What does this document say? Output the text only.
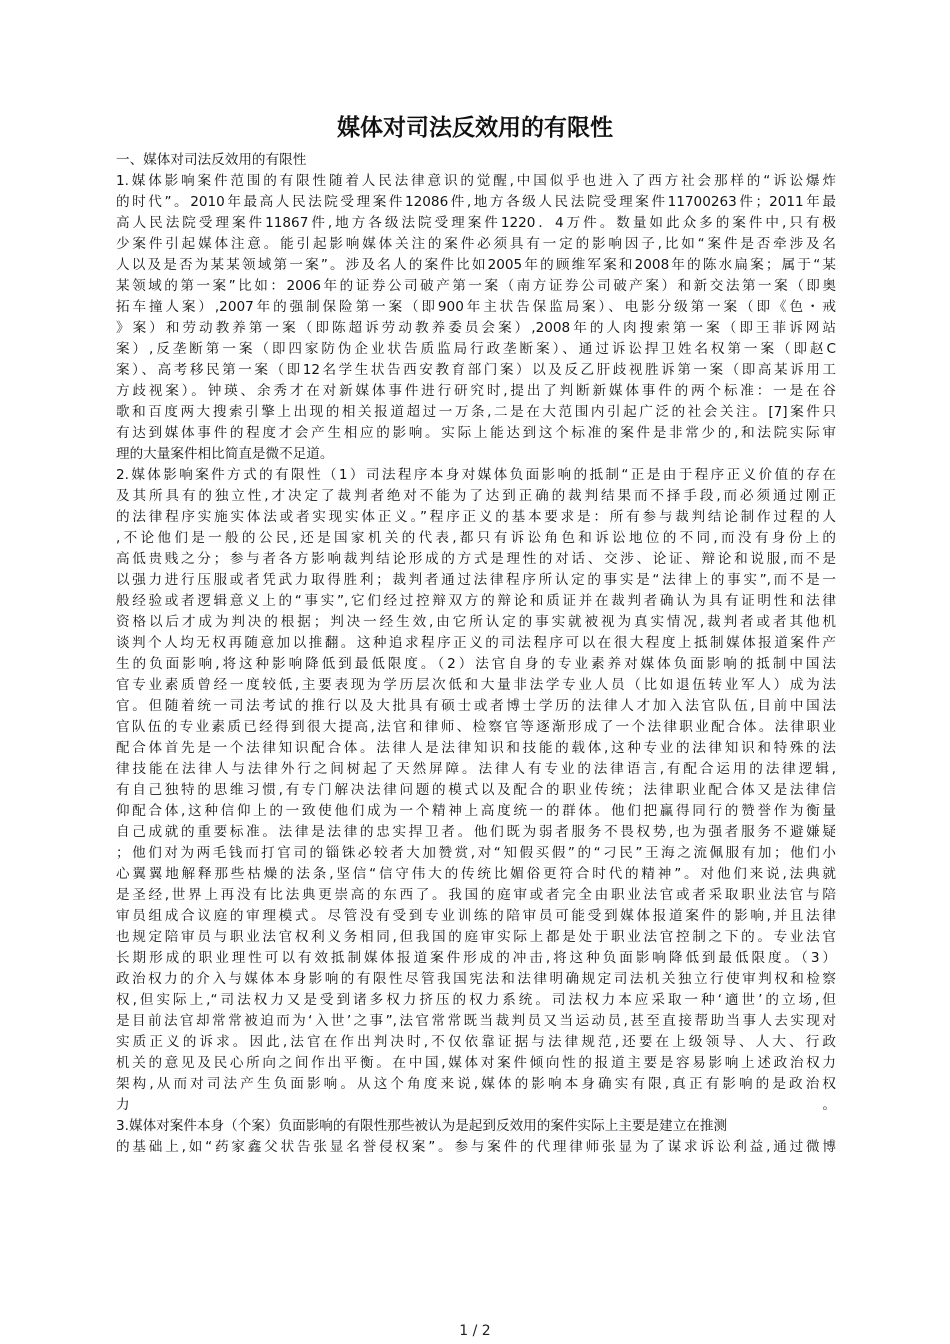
媒体对司法反效用的有限性
一、媒体对司法反效用的有限性
1.媒体影响案件范围的有限性随着人民法律意识的觉醒,中国似乎也进入了西方社会那样的“诉讼爆炸
的时代”。2010年最高人民法院受理案件12086件,地方各级人民法院受理案件11700263件；2011年最
高人民法院受理案件11867件,地方各级法院受理案件1220．4万件。数量如此众多的案件中,只有极
少案件引起媒体注意。能引起影响媒体关注的案件必须具有一定的影响因子,比如“案件是否牵涉及名
人以及是否为某某领域第一案”。涉及名人的案件比如2005年的顾维军案和2008年的陈水扁案；属于“某
某领域的第一案”比如：2006年的证券公司破产第一案（南方证券公司破产案）和新交法第一案（即奥
拓车撞人案）,2007年的强制保险第一案（即900年主状告保监局案）、电影分级第一案（即《色・戒
》案）和劳动教养第一案（即陈超诉劳动教养委员会案）,2008年的人肉搜索第一案（即王菲诉网站
案）,反垄断第一案（即四家防伪企业状告质监局行政垄断案）、通过诉讼捍卫姓名权第一案（即赵C
案）、高考移民第一案（即12名学生状告西安教育部门案）以及反乙肝歧视胜诉第一案（即高某诉用工
方歧视案）。钟瑛、余秀才在对新媒体事件进行研究时,提出了判断新媒体事件的两个标准：一是在谷
歌和百度两大搜索引擎上出现的相关报道超过一万条,二是在大范围内引起广泛的社会关注。[7]案件只
有达到媒体事件的程度才会产生相应的影响。实际上能达到这个标准的案件是非常少的,和法院实际审
理的大量案件相比简直是微不足道。
2.媒体影响案件方式的有限性（1）司法程序本身对媒体负面影响的抵制“正是由于程序正义价值的存在
及其所具有的独立性,才决定了裁判者绝对不能为了达到正确的裁判结果而不择手段,而必须通过刚正
的法律程序实施实体法或者实现实体正义。”程序正义的基本要求是：所有参与裁判结论制作过程的人
,不论他们是一般的公民,还是国家机关的代表,都只有诉讼角色和诉讼地位的不同,而没有身份上的
高低贵贱之分；参与者各方影响裁判结论形成的方式是理性的对话、交涉、论证、辩论和说服,而不是
以强力进行压服或者凭武力取得胜利；裁判者通过法律程序所认定的事实是“法律上的事实”,而不是一
般经验或者逻辑意义上的“事实”,它们经过控辩双方的辩论和质证并在裁判者确认为具有证明性和法律
资格以后才成为判决的根据；判决一经生效,由它所认定的事实就被视为真实情况,裁判者或者其他机
谈判个人均无权再随意加以推翻。这种追求程序正义的司法程序可以在很大程度上抵制媒体报道案件产
生的负面影响,将这种影响降低到最低限度。（2）法官自身的专业素养对媒体负面影响的抵制中国法
官专业素质曾经一度较低,主要表现为学历层次低和大量非法学专业人员（比如退伍转业军人）成为法
官。但随着统一司法考试的推行以及大批具有硕士或者博士学历的法律人才加入法官队伍,目前中国法
官队伍的专业素质已经得到很大提高,法官和律师、检察官等逐渐形成了一个法律职业配合体。法律职业
配合体首先是一个法律知识配合体。法律人是法律知识和技能的载体,这种专业的法律知识和特殊的法
律技能在法律人与法律外行之间树起了天然屏障。法律人有专业的法律语言,有配合运用的法律逻辑,
有自己独特的思维习惯,有专门解决法律问题的模式以及配合的职业传统；法律职业配合体又是法律信
仰配合体,这种信仰上的一致使他们成为一个精神上高度统一的群体。他们把赢得同行的赞誉作为衡量
自己成就的重要标准。法律是法律的忠实捍卫者。他们既为弱者服务不畏权势,也为强者服务不避嫌疑
；他们对为两毛钱而打官司的锱铢必较者大加赞赏,对“知假买假”的“刁民”王海之流佩服有加；他们小
心翼翼地解释那些枯燥的法条,坚信“信守伟大的传统比媚俗更符合时代的精神”。对他们来说,法典就
是圣经,世界上再没有比法典更崇高的东西了。我国的庭审或者完全由职业法官或者采取职业法官与陪
审员组成合议庭的审理模式。尽管没有受到专业训练的陪审员可能受到媒体报道案件的影响,并且法律
也规定陪审员与职业法官权利义务相同,但我国的庭审实际上都是处于职业法官控制之下的。专业法官
长期形成的职业理性可以有效抵制媒体报道案件形成的冲击,将这种负面影响降低到最低限度。（3）
政治权力的介入与媒体本身影响的有限性尽管我国宪法和法律明确规定司法机关独立行使审判权和检察
权,但实际上,“司法权力又是受到诸多权力挤压的权力系统。司法权力本应采取一种‘適世’的立场,但
是目前法官却常常被迫而为‘入世’之事”,法官常常既当裁判员又当运动员,甚至直接帮助当事人去实现对
实质正义的诉求。因此,法官在作出判决时,不仅依靠证据与法律规范,还要在上级领导、人大、行政
机关的意见及民心所向之间作出平衡。在中国,媒体对案件倾向性的报道主要是容易影响上述政治权力
架构,从而对司法产生负面影响。从这个角度来说,媒体的影响本身确实有限,真正有影响的是政治权
力。
3.媒体对案件本身（个案）负面影响的有限性那些被认为是起到反效用的案件实际上主要是建立在推测
的基础上,如“药家鑫父状告张显名誉侵权案”。参与案件的代理律师张显为了谋求诉讼利益,通过微博
1 / 2
